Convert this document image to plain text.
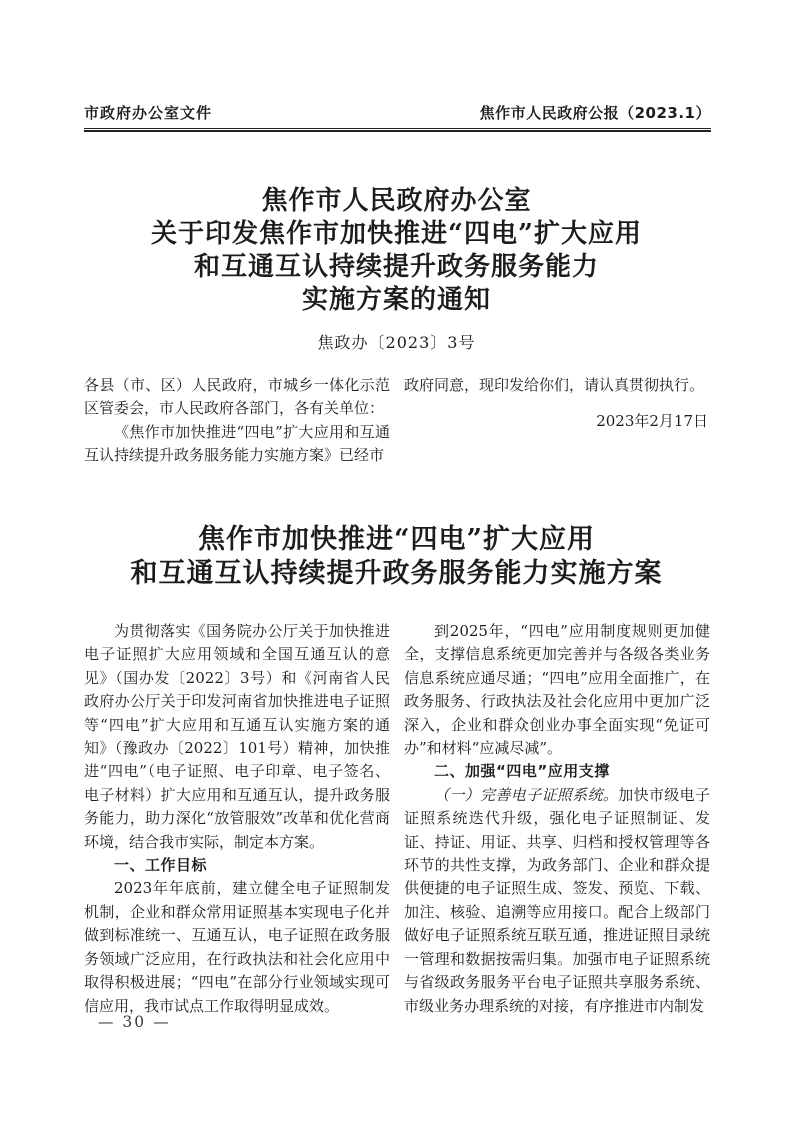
市政府办公室文件	焦作市人民政府公报（2023.1）
焦作市人民政府办公室
关于印发焦作市加快推进“四电”扩大应用
和互通互认持续提升政务服务能力
实施方案的通知
焦政办〔2023〕3号

各县（市、区）人民政府，市城乡一体化示范区管委会，市人民政府各部门，各有关单位：

《焦作市加快推进“四电”扩大应用和互通互认持续提升政务服务能力实施方案》已经市

政府同意，现印发给你们，请认真贯彻执行。

2023年2月17日

焦作市加快推进“四电”扩大应用
和互通互认持续提升政务服务能力实施方案

为贯彻落实《国务院办公厅关于加快推进电子证照扩大应用领域和全国互通互认的意见》（国办发〔2022〕3号）和《河南省人民政府办公厅关于印发河南省加快推进电子证照等“四电”扩大应用和互通互认实施方案的通知》（豫政办〔2022〕101号）精神，加快推进“四电”（电子证照、电子印章、电子签名、电子材料）扩大应用和互通互认，提升政务服务能力，助力深化“放管服效”改革和优化营商环境，结合我市实际，制定本方案。

一、工作目标

2023年年底前，建立健全电子证照制发机制，企业和群众常用证照基本实现电子化并做到标准统一、互通互认，电子证照在政务服务领域广泛应用，在行政执法和社会化应用中取得积极进展；“四电”在部分行业领域实现可信应用，我市试点工作取得明显成效。

到2025年，“四电”应用制度规则更加健全，支撑信息系统更加完善并与各级各类业务信息系统应通尽通；“四电”应用全面推广，在政务服务、行政执法及社会化应用中更加广泛深入，企业和群众创业办事全面实现“免证可办”和材料“应减尽减”。

二、加强“四电”应用支撑

（一）完善电子证照系统。加快市级电子证照系统迭代升级，强化电子证照制证、发证、持证、用证、共享、归档和授权管理等各环节的共性支撑，为政务部门、企业和群众提供便捷的电子证照生成、签发、预览、下载、加注、核验、追溯等应用接口。配合上级部门做好电子证照系统互联互通，推进证照目录统一管理和数据按需归集。加强市电子证照系统与省级政务服务平台电子证照共享服务系统、市级业务办理系统的对接，有序推进市内制发

— 30 —
